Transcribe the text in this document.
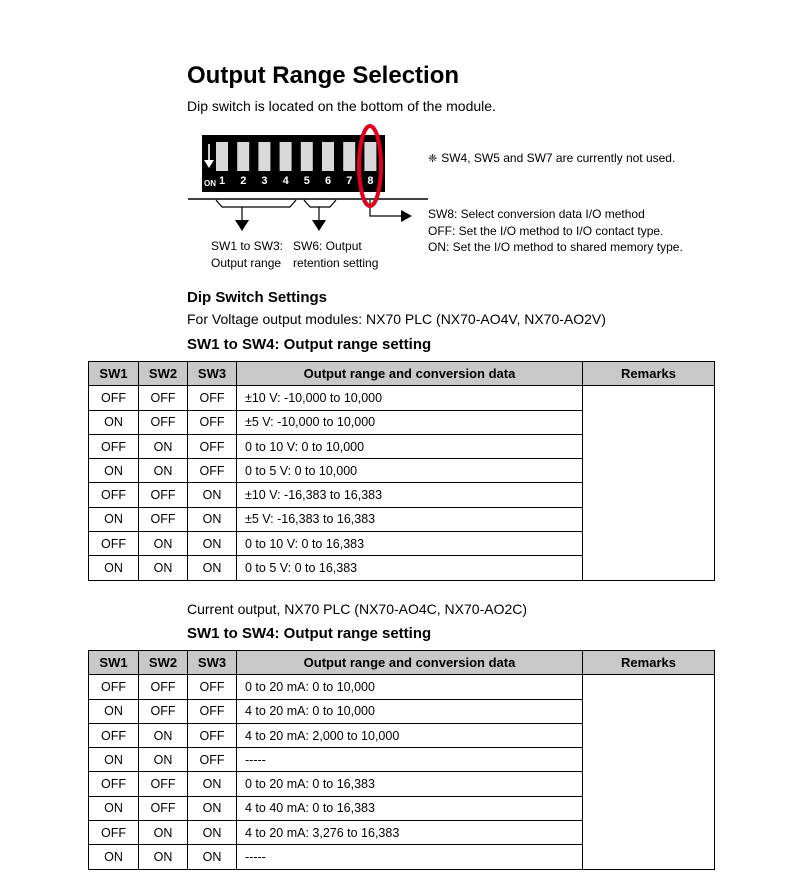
Output Range Selection
Dip switch is located on the bottom of the module.
ON 1 2 3 4 5 6 7 8
❈ SW4, SW5 and SW7 are currently not used.
SW8: Select conversion data I/O method
OFF: Set the I/O method to I/O contact type.
ON: Set the I/O method to shared memory type.
SW1 to SW3:
Output range
SW6: Output
retention setting
Dip Switch Settings
For Voltage output modules: NX70 PLC (NX70-AO4V, NX70-AO2V)
SW1 to SW4: Output range setting
SW1	SW2	SW3	Output range and conversion data	Remarks
OFF	OFF	OFF	±10 V: -10,000 to 10,000	
ON	OFF	OFF	±5 V: -10,000 to 10,000	
OFF	ON	OFF	0 to 10 V: 0 to 10,000	
ON	ON	OFF	0 to 5 V: 0 to 10,000	
OFF	OFF	ON	±10 V: -16,383 to 16,383	
ON	OFF	ON	±5 V: -16,383 to 16,383	
OFF	ON	ON	0 to 10 V: 0 to 16,383	
ON	ON	ON	0 to 5 V: 0 to 16,383	
Current output, NX70 PLC (NX70-AO4C, NX70-AO2C)
SW1 to SW4: Output range setting
SW1	SW2	SW3	Output range and conversion data	Remarks
OFF	OFF	OFF	0 to 20 mA: 0 to 10,000	
ON	OFF	OFF	4 to 20 mA: 0 to 10,000	
OFF	ON	OFF	4 to 20 mA: 2,000 to 10,000	
ON	ON	OFF	-----	
OFF	OFF	ON	0 to 20 mA: 0 to 16,383	
ON	OFF	ON	4 to 40 mA: 0 to 16,383	
OFF	ON	ON	4 to 20 mA: 3,276 to 16,383	
ON	ON	ON	-----	
